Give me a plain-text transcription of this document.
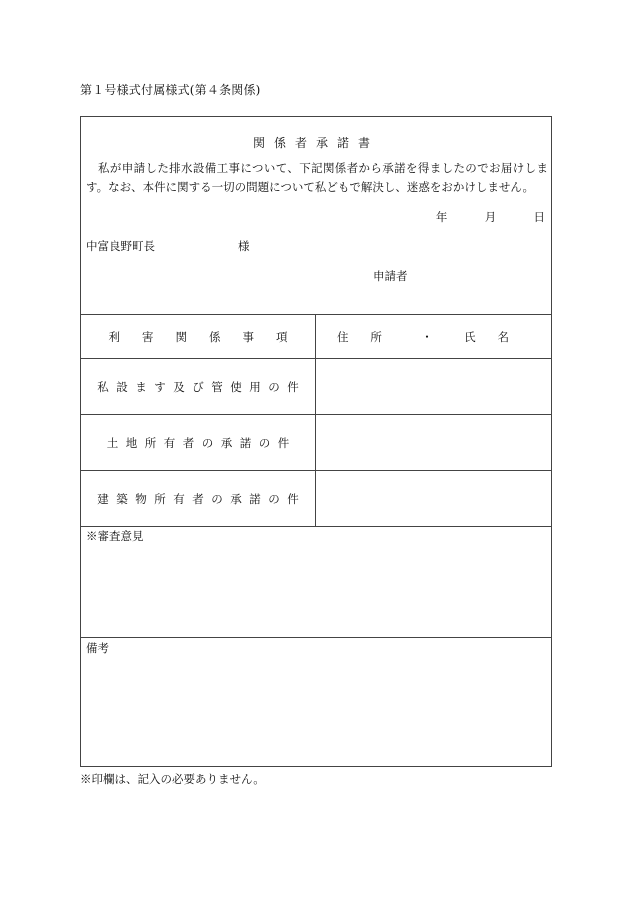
第１号様式付属様式(第４条関係)
関係者承諾書
私が申請した排水設備工事について、下記関係者から承諾を得ましたのでお届けします。なお、本件に関する一切の問題について私どもで解決し、迷惑をおかけしません。
年	月	日
中富良野町長	様
申請者
利害関係事項	住所 ・	氏名
私設ます及び管使用の件
土地所有者の承諾の件
建築物所有者の承諾の件
※審査意見
備考
※印欄は、記入の必要ありません。
